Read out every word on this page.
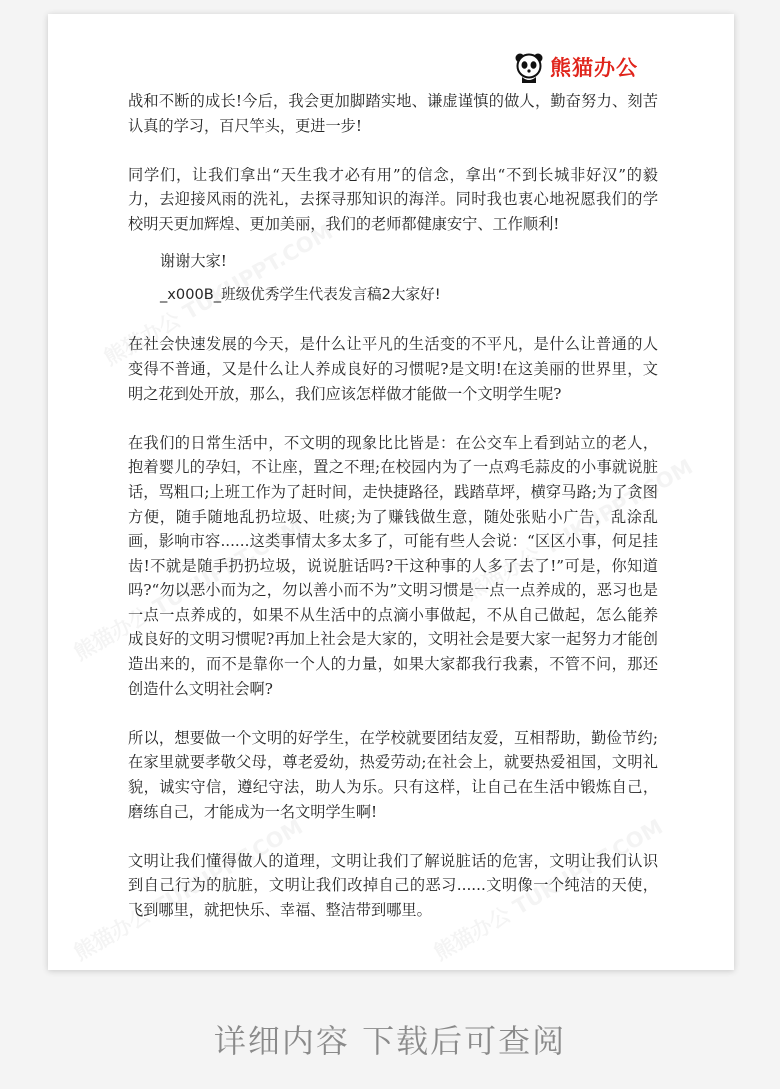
熊猫办公

战和不断的成长!今后，我会更加脚踏实地、谦虚谨慎的做人，勤奋努力、刻苦认真的学习，百尺竿头，更进一步!

同学们，让我们拿出“天生我才必有用”的信念，拿出“不到长城非好汉”的毅力，去迎接风雨的洗礼，去探寻那知识的海洋。同时我也衷心地祝愿我们的学校明天更加辉煌、更加美丽，我们的老师都健康安宁、工作顺利!

谢谢大家!

_x000B_班级优秀学生代表发言稿2大家好!

在社会快速发展的今天，是什么让平凡的生活变的不平凡，是什么让普通的人变得不普通，又是什么让人养成良好的习惯呢?是文明!在这美丽的世界里，文明之花到处开放，那么，我们应该怎样做才能做一个文明学生呢?

在我们的日常生活中，不文明的现象比比皆是：在公交车上看到站立的老人，抱着婴儿的孕妇，不让座，置之不理;在校园内为了一点鸡毛蒜皮的小事就说脏话，骂粗口;上班工作为了赶时间，走快捷路径，践踏草坪，横穿马路;为了贪图方便，随手随地乱扔垃圾、吐痰;为了赚钱做生意，随处张贴小广告，乱涂乱画，影响市容......这类事情太多太多了，可能有些人会说：“区区小事，何足挂齿!不就是随手扔扔垃圾，说说脏话吗?干这种事的人多了去了!”可是，你知道吗?“勿以恶小而为之，勿以善小而不为”文明习惯是一点一点养成的，恶习也是一点一点养成的，如果不从生活中的点滴小事做起，不从自己做起，怎么能养成良好的文明习惯呢?再加上社会是大家的，文明社会是要大家一起努力才能创造出来的，而不是靠你一个人的力量，如果大家都我行我素，不管不问，那还创造什么文明社会啊?

所以，想要做一个文明的好学生，在学校就要团结友爱，互相帮助，勤俭节约;在家里就要孝敬父母，尊老爱幼，热爱劳动;在社会上，就要热爱祖国，文明礼貌，诚实守信，遵纪守法，助人为乐。只有这样，让自己在生活中锻炼自己，磨练自己，才能成为一名文明学生啊!

文明让我们懂得做人的道理，文明让我们了解说脏话的危害，文明让我们认识到自己行为的肮脏，文明让我们改掉自己的恶习......文明像一个纯洁的天使，飞到哪里，就把快乐、幸福、整洁带到哪里。

详细内容 下载后可查阅
